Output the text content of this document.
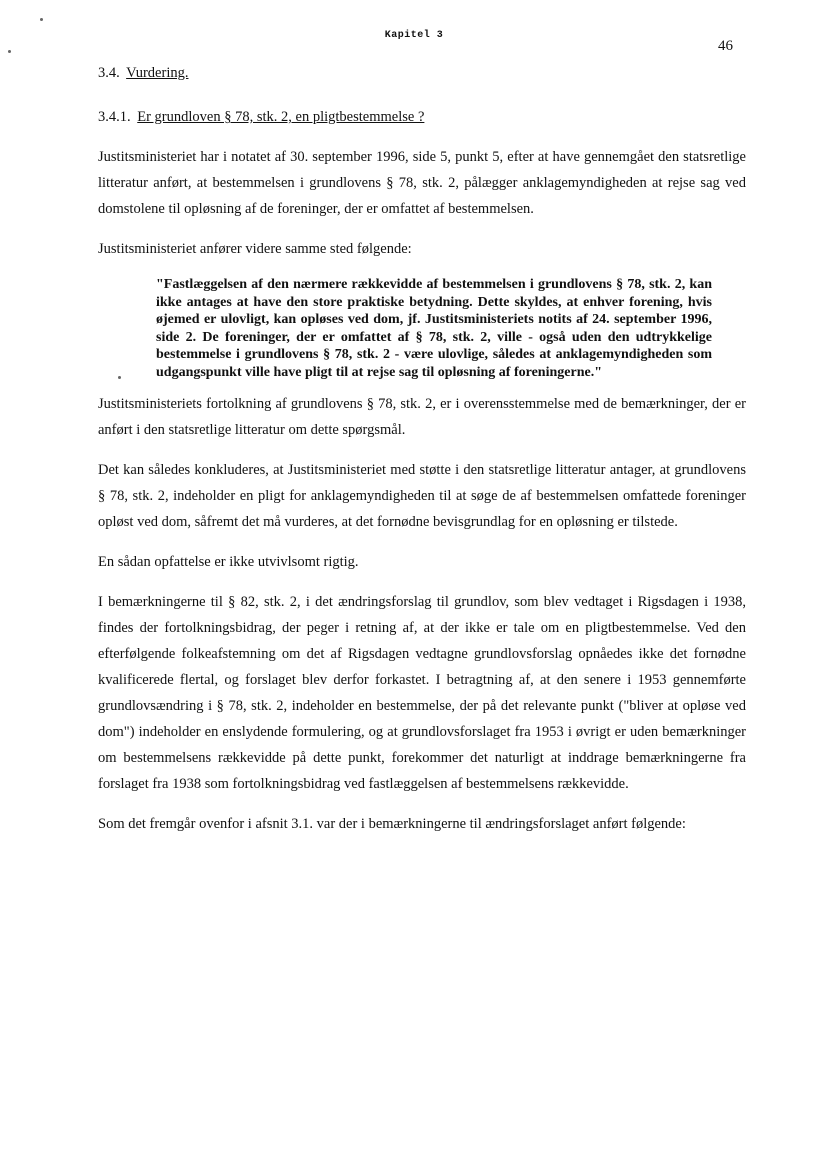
Kapitel 3
46
3.4. Vurdering.
3.4.1. Er grundloven § 78, stk. 2, en pligtbestemmelse ?

Justitsministeriet har i notatet af 30. september 1996, side 5, punkt 5, efter at have gennemgået den statsretlige litteratur anført, at bestemmelsen i grundlovens § 78, stk. 2, pålægger anklagemyndigheden at rejse sag ved domstolene til opløsning af de foreninger, der er omfattet af bestemmelsen.

Justitsministeriet anfører videre samme sted følgende:

"Fastlæggelsen af den nærmere rækkevidde af bestemmelsen i grundlovens § 78, stk. 2, kan ikke antages at have den store praktiske betydning. Dette skyldes, at enhver forening, hvis øjemed er ulovligt, kan opløses ved dom, jf. Justitsministeriets notits af 24. september 1996, side 2. De foreninger, der er omfattet af § 78, stk. 2, ville - også uden den udtrykkelige bestemmelse i grundlovens § 78, stk. 2 - være ulovlige, således at anklagemyndigheden som udgangspunkt ville have pligt til at rejse sag til opløsning af foreningerne."

Justitsministeriets fortolkning af grundlovens § 78, stk. 2, er i overensstemmelse med de bemærkninger, der er anført i den statsretlige litteratur om dette spørgsmål.

Det kan således konkluderes, at Justitsministeriet med støtte i den statsretlige litteratur antager, at grundlovens § 78, stk. 2, indeholder en pligt for anklagemyndigheden til at søge de af bestemmelsen omfattede foreninger opløst ved dom, såfremt det må vurderes, at det fornødne bevisgrundlag for en opløsning er tilstede.

En sådan opfattelse er ikke utvivlsomt rigtig.

I bemærkningerne til § 82, stk. 2, i det ændringsforslag til grundlov, som blev vedtaget i Rigsdagen i 1938, findes der fortolkningsbidrag, der peger i retning af, at der ikke er tale om en pligtbestemmelse. Ved den efterfølgende folkeafstemning om det af Rigsdagen vedtagne grundlovsforslag opnåedes ikke det fornødne kvalificerede flertal, og forslaget blev derfor forkastet. I betragtning af, at den senere i 1953 gennemførte grundlovsændring i § 78, stk. 2, indeholder en bestemmelse, der på det relevante punkt ("bliver at opløse ved dom") indeholder en enslydende formulering, og at grundlovsforslaget fra 1953 i øvrigt er uden bemærkninger om bestemmelsens rækkevidde på dette punkt, forekommer det naturligt at inddrage bemærkningerne fra forslaget fra 1938 som fortolkningsbidrag ved fastlæggelsen af bestemmelsens rækkevidde.

Som det fremgår ovenfor i afsnit 3.1. var der i bemærkningerne til ændringsforslaget anført følgende:
